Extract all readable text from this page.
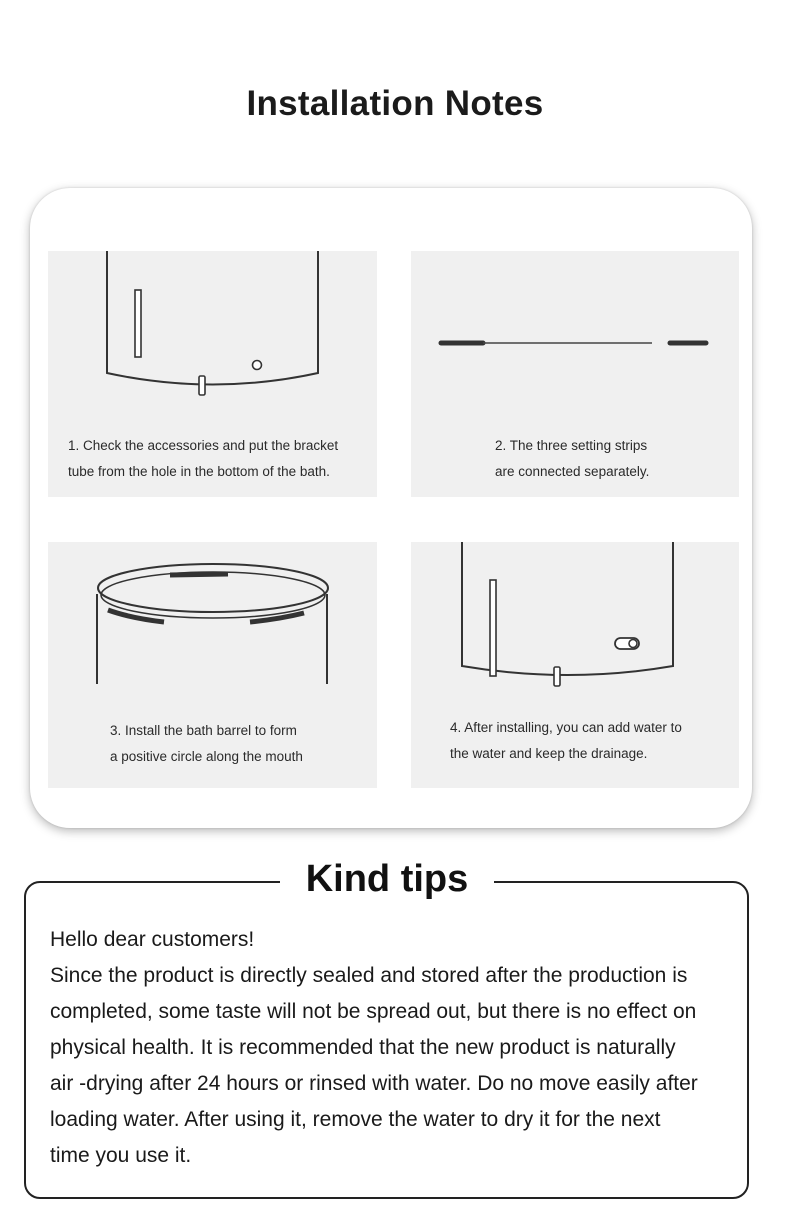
Installation Notes
1. Check the accessories and put the bracket
tube from the hole in the bottom of the bath.
2. The three setting strips
are connected separately.
3. Install the bath barrel to form
a positive circle along the mouth
4. After installing, you can add water to
the water and keep the drainage.
Kind tips
Hello dear customers!
Since the product is directly sealed and stored after the production is
completed, some taste will not be spread out, but there is no effect on
physical health. It is recommended that the new product is naturally
air -drying after 24 hours or rinsed with water. Do no move easily after
loading water. After using it, remove the water to dry it for the next
time you use it.
